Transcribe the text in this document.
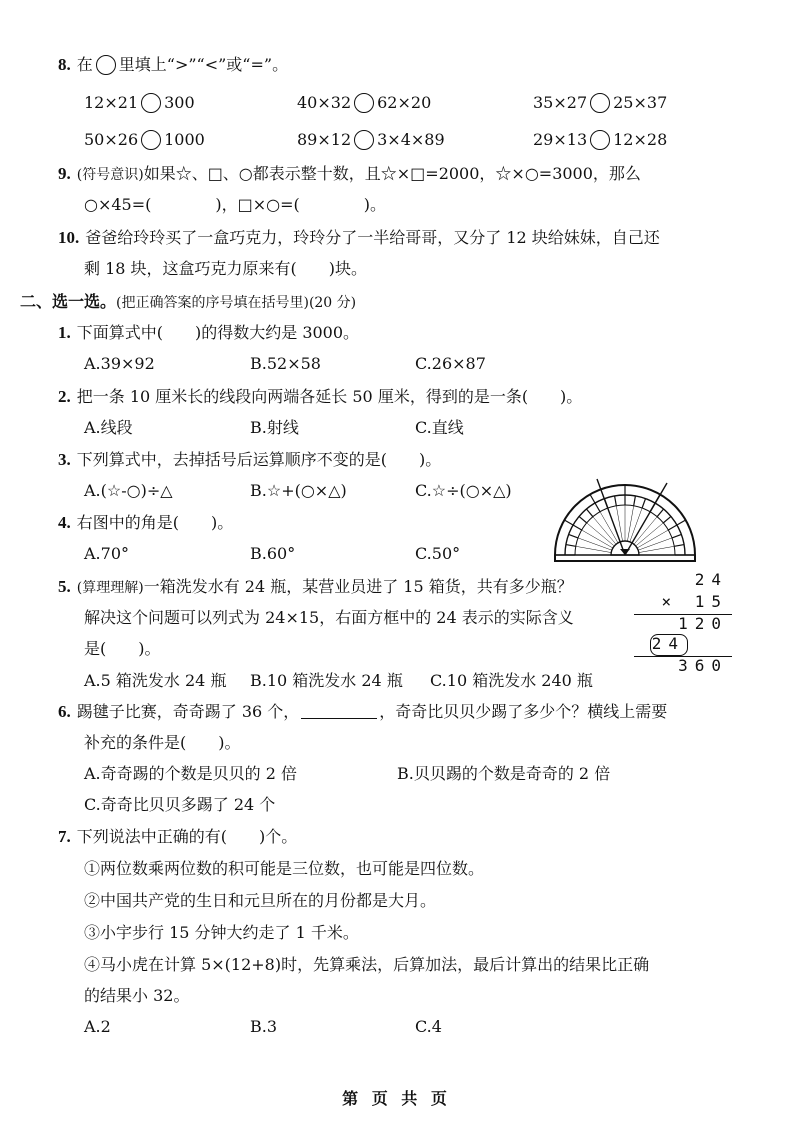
8. 在 里填上“>”“<”或“=”。
12×21 300	40×32 62×20	35×27 25×37
50×26 1000	89×12 3×4×89	29×13 12×28
9. (符号意识)如果☆、□、○都表示整十数，且☆×□=2000，☆×○=3000，那么
○×45=(　　　　)，□×○=(　　　　)。
10. 爸爸给玲玲买了一盒巧克力，玲玲分了一半给哥哥，又分了 12 块给妹妹，自己还
剩 18 块，这盒巧克力原来有(　　)块。
二、选一选。(把正确答案的序号填在括号里)(20 分)
1. 下面算式中(　　)的得数大约是 3000。
A.39×92	B.52×58	C.26×87
2. 把一条 10 厘米长的线段向两端各延长 50 厘米，得到的是一条(　　)。
A.线段	B.射线	C.直线
3. 下列算式中，去掉括号后运算顺序不变的是(　　)。
A.(☆-○)÷△	B.☆+(○×△)	C.☆÷(○×△)
4. 右图中的角是(　　)。
A.70°	B.60°	C.50°
5. (算理理解)一箱洗发水有 24 瓶，某营业员进了 15 箱货，共有多少瓶？
解决这个问题可以列式为 24×15，右面方框中的 24 表示的实际含义
是(　　)。
A.5 箱洗发水 24 瓶 B.10 箱洗发水 24 瓶 C.10 箱洗发水 240 瓶
24
× 15
120
24
360
6. 踢毽子比赛，奇奇踢了 36 个，	，奇奇比贝贝少踢了多少个？横线上需要
补充的条件是(　　)。
A.奇奇踢的个数是贝贝的 2 倍	B.贝贝踢的个数是奇奇的 2 倍
C.奇奇比贝贝多踢了 24 个
7. 下列说法中正确的有(　　)个。
①两位数乘两位数的积可能是三位数，也可能是四位数。
②中国共产党的生日和元旦所在的月份都是大月。
③小宇步行 15 分钟大约走了 1 千米。
④马小虎在计算 5×(12+8)时，先算乘法，后算加法，最后计算出的结果比正确
的结果小 32。
A.2	B.3	C.4
第 页 共 页
